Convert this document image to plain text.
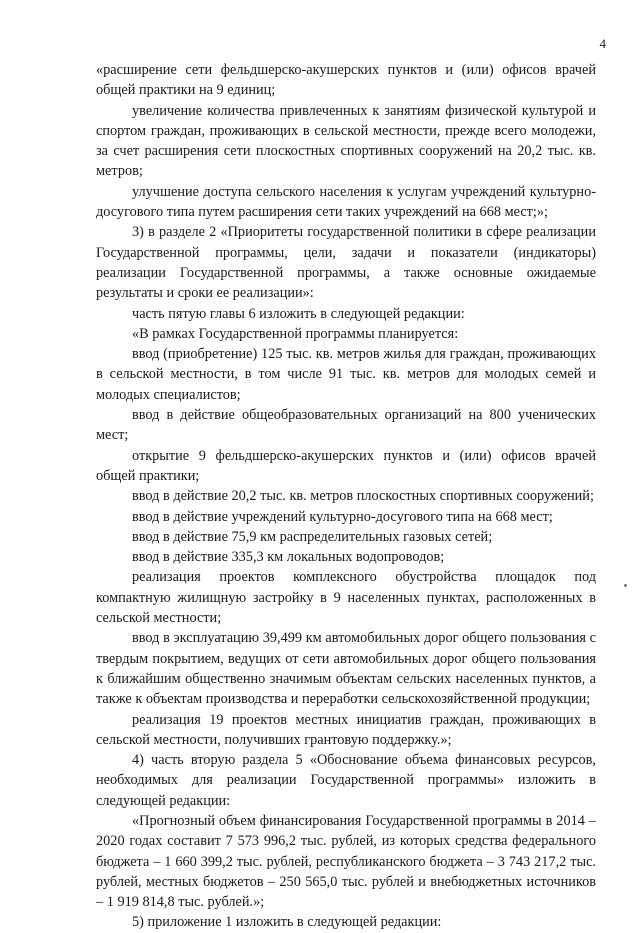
4

«расширение сети фельдшерско-акушерских пунктов и (или) офисов врачей общей практики на 9 единиц;

увеличение количества привлеченных к занятиям физической культурой и спортом граждан, проживающих в сельской местности, прежде всего молодежи, за счет расширения сети плоскостных спортивных сооружений на 20,2 тыс. кв. метров;

улучшение доступа сельского населения к услугам учреждений культурно-досугового типа путем расширения сети таких учреждений на 668 мест;»;

3) в разделе 2 «Приоритеты государственной политики в сфере реализации Государственной программы, цели, задачи и показатели (индикаторы) реализации Государственной программы, а также основные ожидаемые результаты и сроки ее реализации»:

часть пятую главы 6 изложить в следующей редакции:

«В рамках Государственной программы планируется:

ввод (приобретение) 125 тыс. кв. метров жилья для граждан, проживающих в сельской местности, в том числе 91 тыс. кв. метров для молодых семей и молодых специалистов;

ввод в действие общеобразовательных организаций на 800 ученических мест;

открытие 9 фельдшерско-акушерских пунктов и (или) офисов врачей общей практики;

ввод в действие 20,2 тыс. кв. метров плоскостных спортивных сооружений;

ввод в действие учреждений культурно-досугового типа на 668 мест;

ввод в действие 75,9 км распределительных газовых сетей;

ввод в действие 335,3 км локальных водопроводов;

реализация проектов комплексного обустройства площадок под компактную жилищную застройку в 9 населенных пунктах, расположенных в сельской местности;

ввод в эксплуатацию 39,499 км автомобильных дорог общего пользования с твердым покрытием, ведущих от сети автомобильных дорог общего пользования к ближайшим общественно значимым объектам сельских населенных пунктов, а также к объектам производства и переработки сельскохозяйственной продукции;

реализация 19 проектов местных инициатив граждан, проживающих в сельской местности, получивших грантовую поддержку.»;

4) часть вторую раздела 5 «Обоснование объема финансовых ресурсов, необходимых для реализации Государственной программы» изложить в следующей редакции:

«Прогнозный объем финансирования Государственной программы в 2014 – 2020 годах составит 7 573 996,2 тыс. рублей, из которых средства федерального бюджета – 1 660 399,2 тыс. рублей, республиканского бюджета – 3 743 217,2 тыс. рублей, местных бюджетов – 250 565,0 тыс. рублей и внебюджетных источников – 1 919 814,8 тыс. рублей.»;

5) приложение 1 изложить в следующей редакции:
